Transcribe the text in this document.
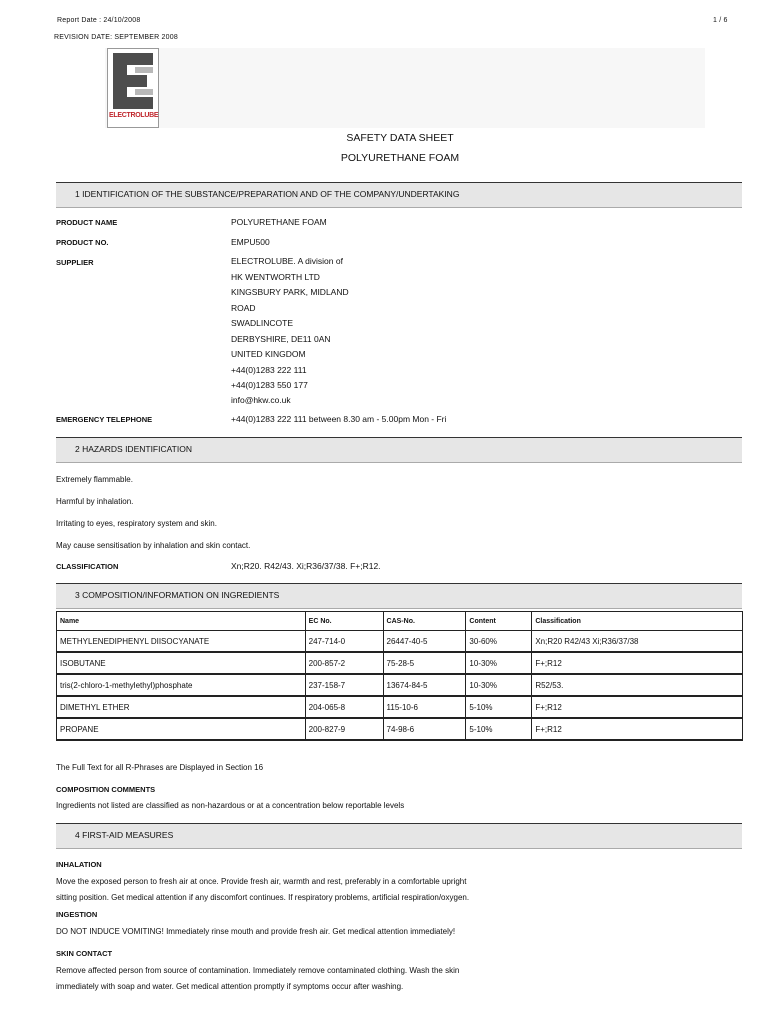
Report Date : 24/10/2008	1 / 6
REVISION DATE: SEPTEMBER 2008
ELECTROLUBE
SAFETY DATA SHEET
POLYURETHANE FOAM
1 IDENTIFICATION OF THE SUBSTANCE/PREPARATION AND OF THE COMPANY/UNDERTAKING
PRODUCT NAME	POLYURETHANE FOAM
PRODUCT NO.	EMPU500
SUPPLIER	ELECTROLUBE. A division of
HK WENTWORTH LTD
KINGSBURY PARK, MIDLAND
ROAD
SWADLINCOTE
DERBYSHIRE, DE11 0AN
UNITED KINGDOM
+44(0)1283 222 111
+44(0)1283 550 177
info@hkw.co.uk
EMERGENCY TELEPHONE	+44(0)1283 222 111 between 8.30 am - 5.00pm Mon - Fri
2 HAZARDS IDENTIFICATION
Extremely flammable.
Harmful by inhalation.
Irritating to eyes, respiratory system and skin.
May cause sensitisation by inhalation and skin contact.
CLASSIFICATION	Xn;R20. R42/43. Xi;R36/37/38. F+;R12.
3 COMPOSITION/INFORMATION ON INGREDIENTS
Name	EC No.	CAS-No.	Content	Classification
METHYLENEDIPHENYL DIISOCYANATE	247-714-0	26447-40-5	30-60%	Xn;R20 R42/43 Xi;R36/37/38
ISOBUTANE	200-857-2	75-28-5	10-30%	F+;R12
tris(2-chloro-1-methylethyl)phosphate	237-158-7	13674-84-5	10-30%	R52/53.
DIMETHYL ETHER	204-065-8	115-10-6	5-10%	F+;R12
PROPANE	200-827-9	74-98-6	5-10%	F+;R12
The Full Text for all R-Phrases are Displayed in Section 16
COMPOSITION COMMENTS
Ingredients not listed are classified as non-hazardous or at a concentration below reportable levels
4 FIRST-AID MEASURES
INHALATION
Move the exposed person to fresh air at once. Provide fresh air, warmth and rest, preferably in a comfortable upright
sitting position. Get medical attention if any discomfort continues. If respiratory problems, artificial respiration/oxygen.
INGESTION
DO NOT INDUCE VOMITING! Immediately rinse mouth and provide fresh air. Get medical attention immediately!
SKIN CONTACT
Remove affected person from source of contamination. Immediately remove contaminated clothing. Wash the skin
immediately with soap and water. Get medical attention promptly if symptoms occur after washing.
